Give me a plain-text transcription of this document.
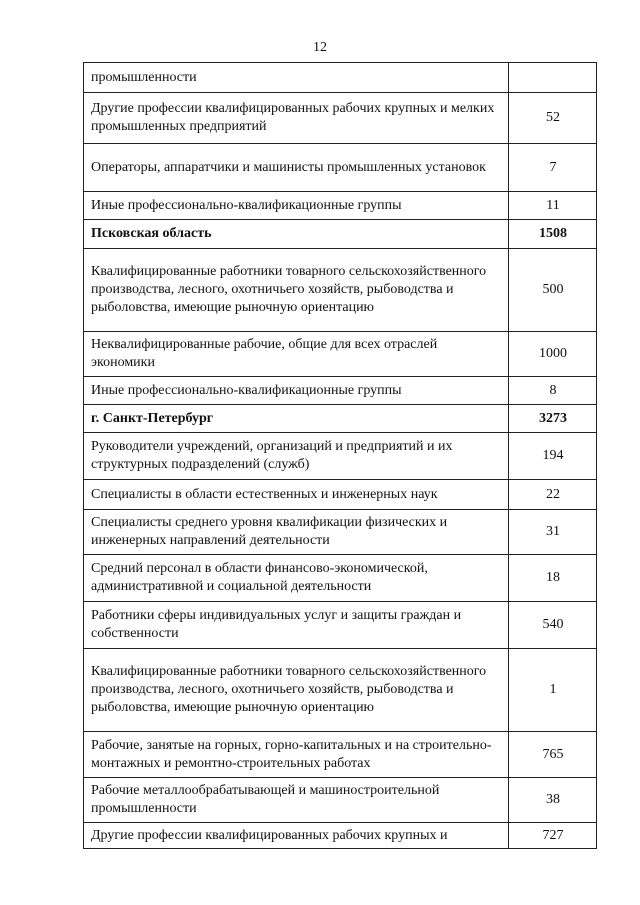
12
промышленности	
Другие профессии квалифицированных рабочих крупных и мелких промышленных предприятий	52
Операторы, аппаратчики и машинисты промышленных установок	7
Иные профессионально-квалификационные группы	11
Псковская область	1508
Квалифицированные работники товарного сельскохозяйственного производства, лесного, охотничьего хозяйств, рыбоводства и рыболовства, имеющие рыночную ориентацию	500
Неквалифицированные рабочие, общие для всех отраслей экономики	1000
Иные профессионально-квалификационные группы	8
г. Санкт-Петербург	3273
Руководители учреждений, организаций и предприятий и их структурных подразделений (служб)	194
Специалисты в области естественных и инженерных наук	22
Специалисты среднего уровня квалификации физических и инженерных направлений деятельности	31
Средний персонал в области финансово-экономической, административной и социальной деятельности	18
Работники сферы индивидуальных услуг и защиты граждан и собственности	540
Квалифицированные работники товарного сельскохозяйственного производства, лесного, охотничьего хозяйств, рыбоводства и рыболовства, имеющие рыночную ориентацию	1
Рабочие, занятые на горных, горно-капитальных и на строительно-монтажных и ремонтно-строительных работах	765
Рабочие металлообрабатывающей и машиностроительной промышленности	38
Другие профессии квалифицированных рабочих крупных и	727
